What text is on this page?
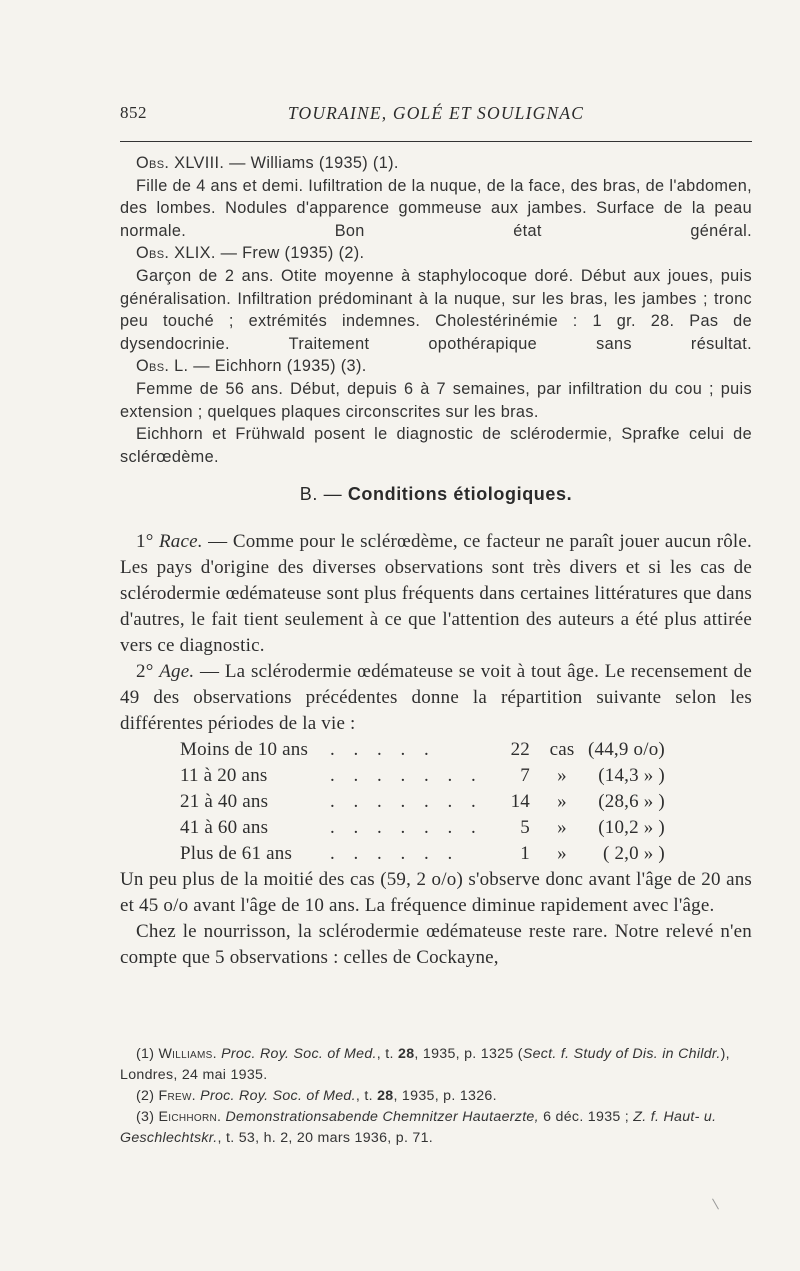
852	TOURAINE, GOLÉ ET SOULIGNAC

Obs. XLVIII. — Williams (1935) (1).

Fille de 4 ans et demi. Iufiltration de la nuque, de la face, des bras, de l'abdomen, des lombes. Nodules d'apparence gommeuse aux jambes. Surface de la peau normale. Bon état général.

Obs. XLIX. — Frew (1935) (2).

Garçon de 2 ans. Otite moyenne à staphylocoque doré. Début aux joues, puis généralisation. Infiltration prédominant à la nuque, sur les bras, les jambes ; tronc peu touché ; extrémités indemnes. Cholestérinémie : 1 gr. 28. Pas de dysendocrinie. Traitement opothérapique sans résultat.

Obs. L. — Eichhorn (1935) (3).

Femme de 56 ans. Début, depuis 6 à 7 semaines, par infiltration du cou ; puis extension ; quelques plaques circonscrites sur les bras.

Eichhorn et Frühwald posent le diagnostic de sclérodermie, Sprafke celui de sclérœdème.

B. — Conditions étiologiques.

1° Race. — Comme pour le sclérœdème, ce facteur ne paraît jouer aucun rôle. Les pays d'origine des diverses observations sont très divers et si les cas de sclérodermie œdémateuse sont plus fréquents dans certaines littératures que dans d'autres, le fait tient seulement à ce que l'attention des auteurs a été plus attirée vers ce diagnostic.

2° Age. — La sclérodermie œdémateuse se voit à tout âge. Le recensement de 49 des observations précédentes donne la répartition suivante selon les différentes périodes de la vie :

Moins de 10 ans	. . . . .	22	cas	(44,9 o/o)
11 à 20 ans	. . . . . . .	7	»	(14,3 » )
21 à 40 ans	. . . . . . .	14	»	(28,6 » )
41 à 60 ans	. . . . . . .	5	»	(10,2 » )
Plus de 61 ans	. . . . . .	1	»	( 2,0 » )

Un peu plus de la moitié des cas (59, 2 o/o) s'observe donc avant l'âge de 20 ans et 45 o/o avant l'âge de 10 ans. La fréquence diminue rapidement avec l'âge.

Chez le nourrisson, la sclérodermie œdémateuse reste rare. Notre relevé n'en compte que 5 observations : celles de Cockayne,

(1) Williams. Proc. Roy. Soc. of Med., t. 28, 1935, p. 1325 (Sect. f. Study of Dis. in Childr.), Londres, 24 mai 1935.

(2) Frew. Proc. Roy. Soc. of Med., t. 28, 1935, p. 1326.

(3) Eichhorn. Demonstrationsabende Chemnitzer Hautaerzte, 6 déc. 1935 ; Z. f. Haut- u. Geschlechtskr., t. 53, h. 2, 20 mars 1936, p. 71.
